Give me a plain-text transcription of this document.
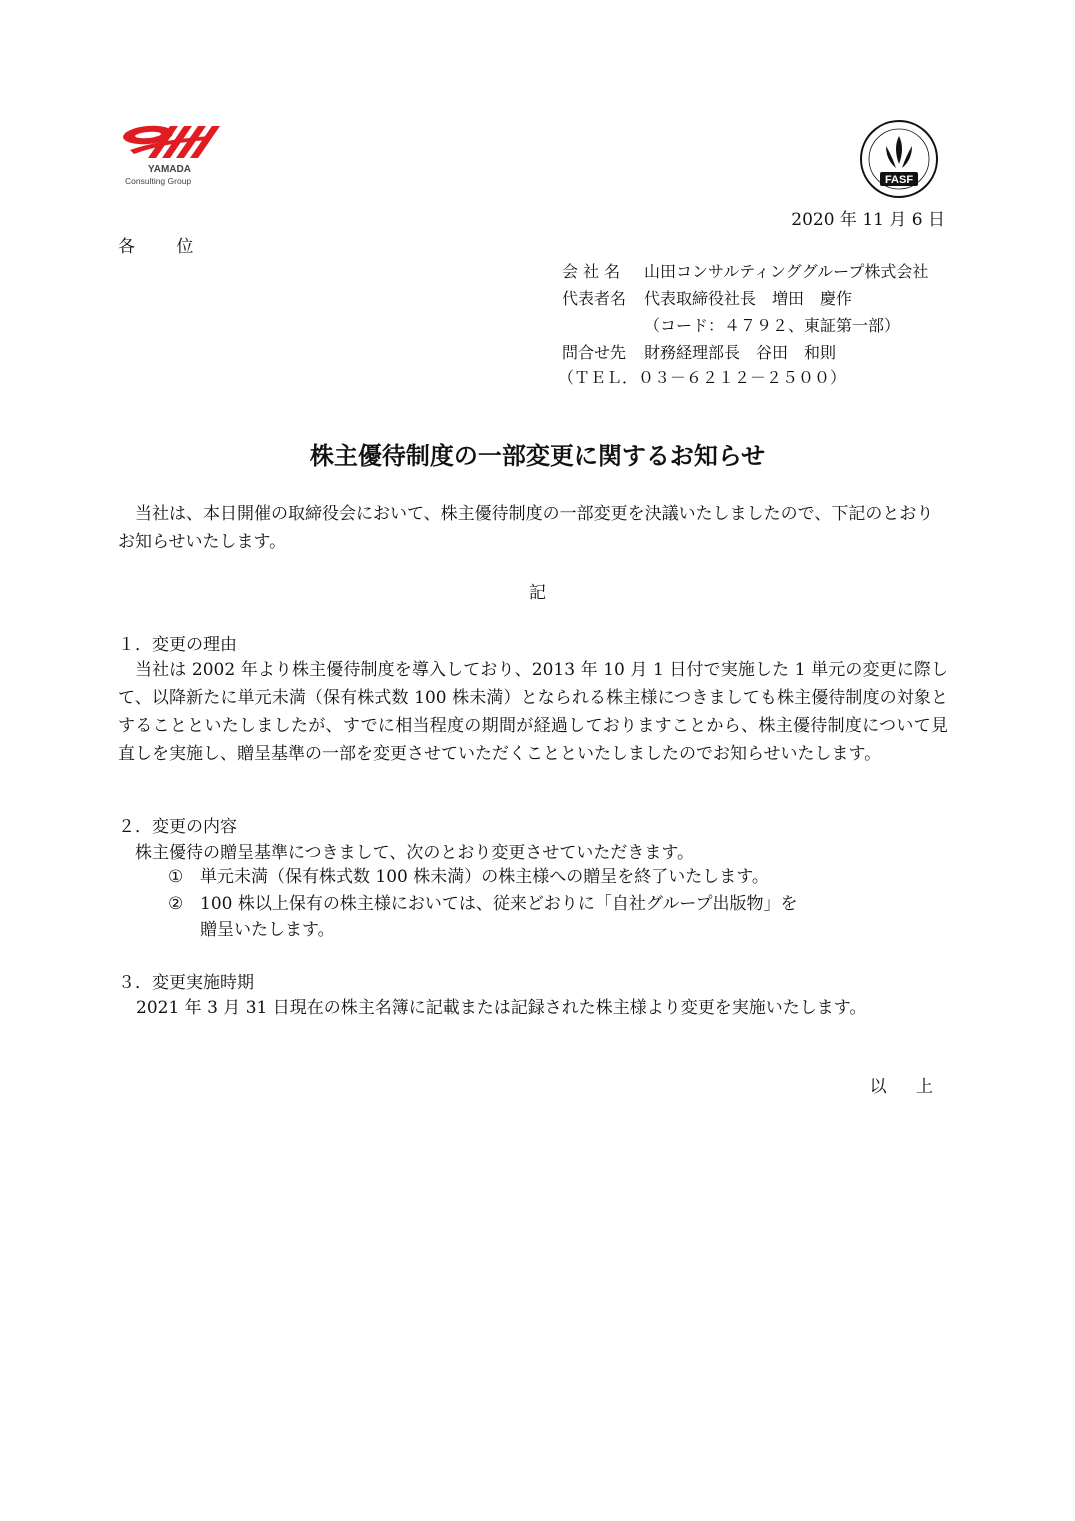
YAMADA
Consulting Group	FASF
2020 年 11 月 6 日
各 位
会 社 名 山田コンサルティンググループ株式会社
代表者名 代表取締役社長　増田　慶作
（コード：４７９２、東証第一部）
問合せ先 財務経理部長　谷田　和則
（ＴＥＬ．０３－６２１２－２５００）
株主優待制度の一部変更に関するお知らせ
当社は、本日開催の取締役会において、株主優待制度の一部変更を決議いたしましたので、下記のとおりお知らせいたします。
記
１．変更の理由
当社は 2002 年より株主優待制度を導入しており、2013 年 10 月 1 日付で実施した 1 単元の変更に際して、以降新たに単元未満（保有株式数 100 株未満）となられる株主様につきましても株主優待制度の対象とすることといたしましたが、すでに相当程度の期間が経過しておりますことから、株主優待制度について見直しを実施し、贈呈基準の一部を変更させていただくことといたしましたのでお知らせいたします。
２．変更の内容
株主優待の贈呈基準につきまして、次のとおり変更させていただきます。
① 単元未満（保有株式数 100 株未満）の株主様への贈呈を終了いたします。
② 100 株以上保有の株主様においては、従来どおりに「自社グループ出版物」を
贈呈いたします。
３．変更実施時期
2021 年 3 月 31 日現在の株主名簿に記載または記録された株主様より変更を実施いたします。
以 上
